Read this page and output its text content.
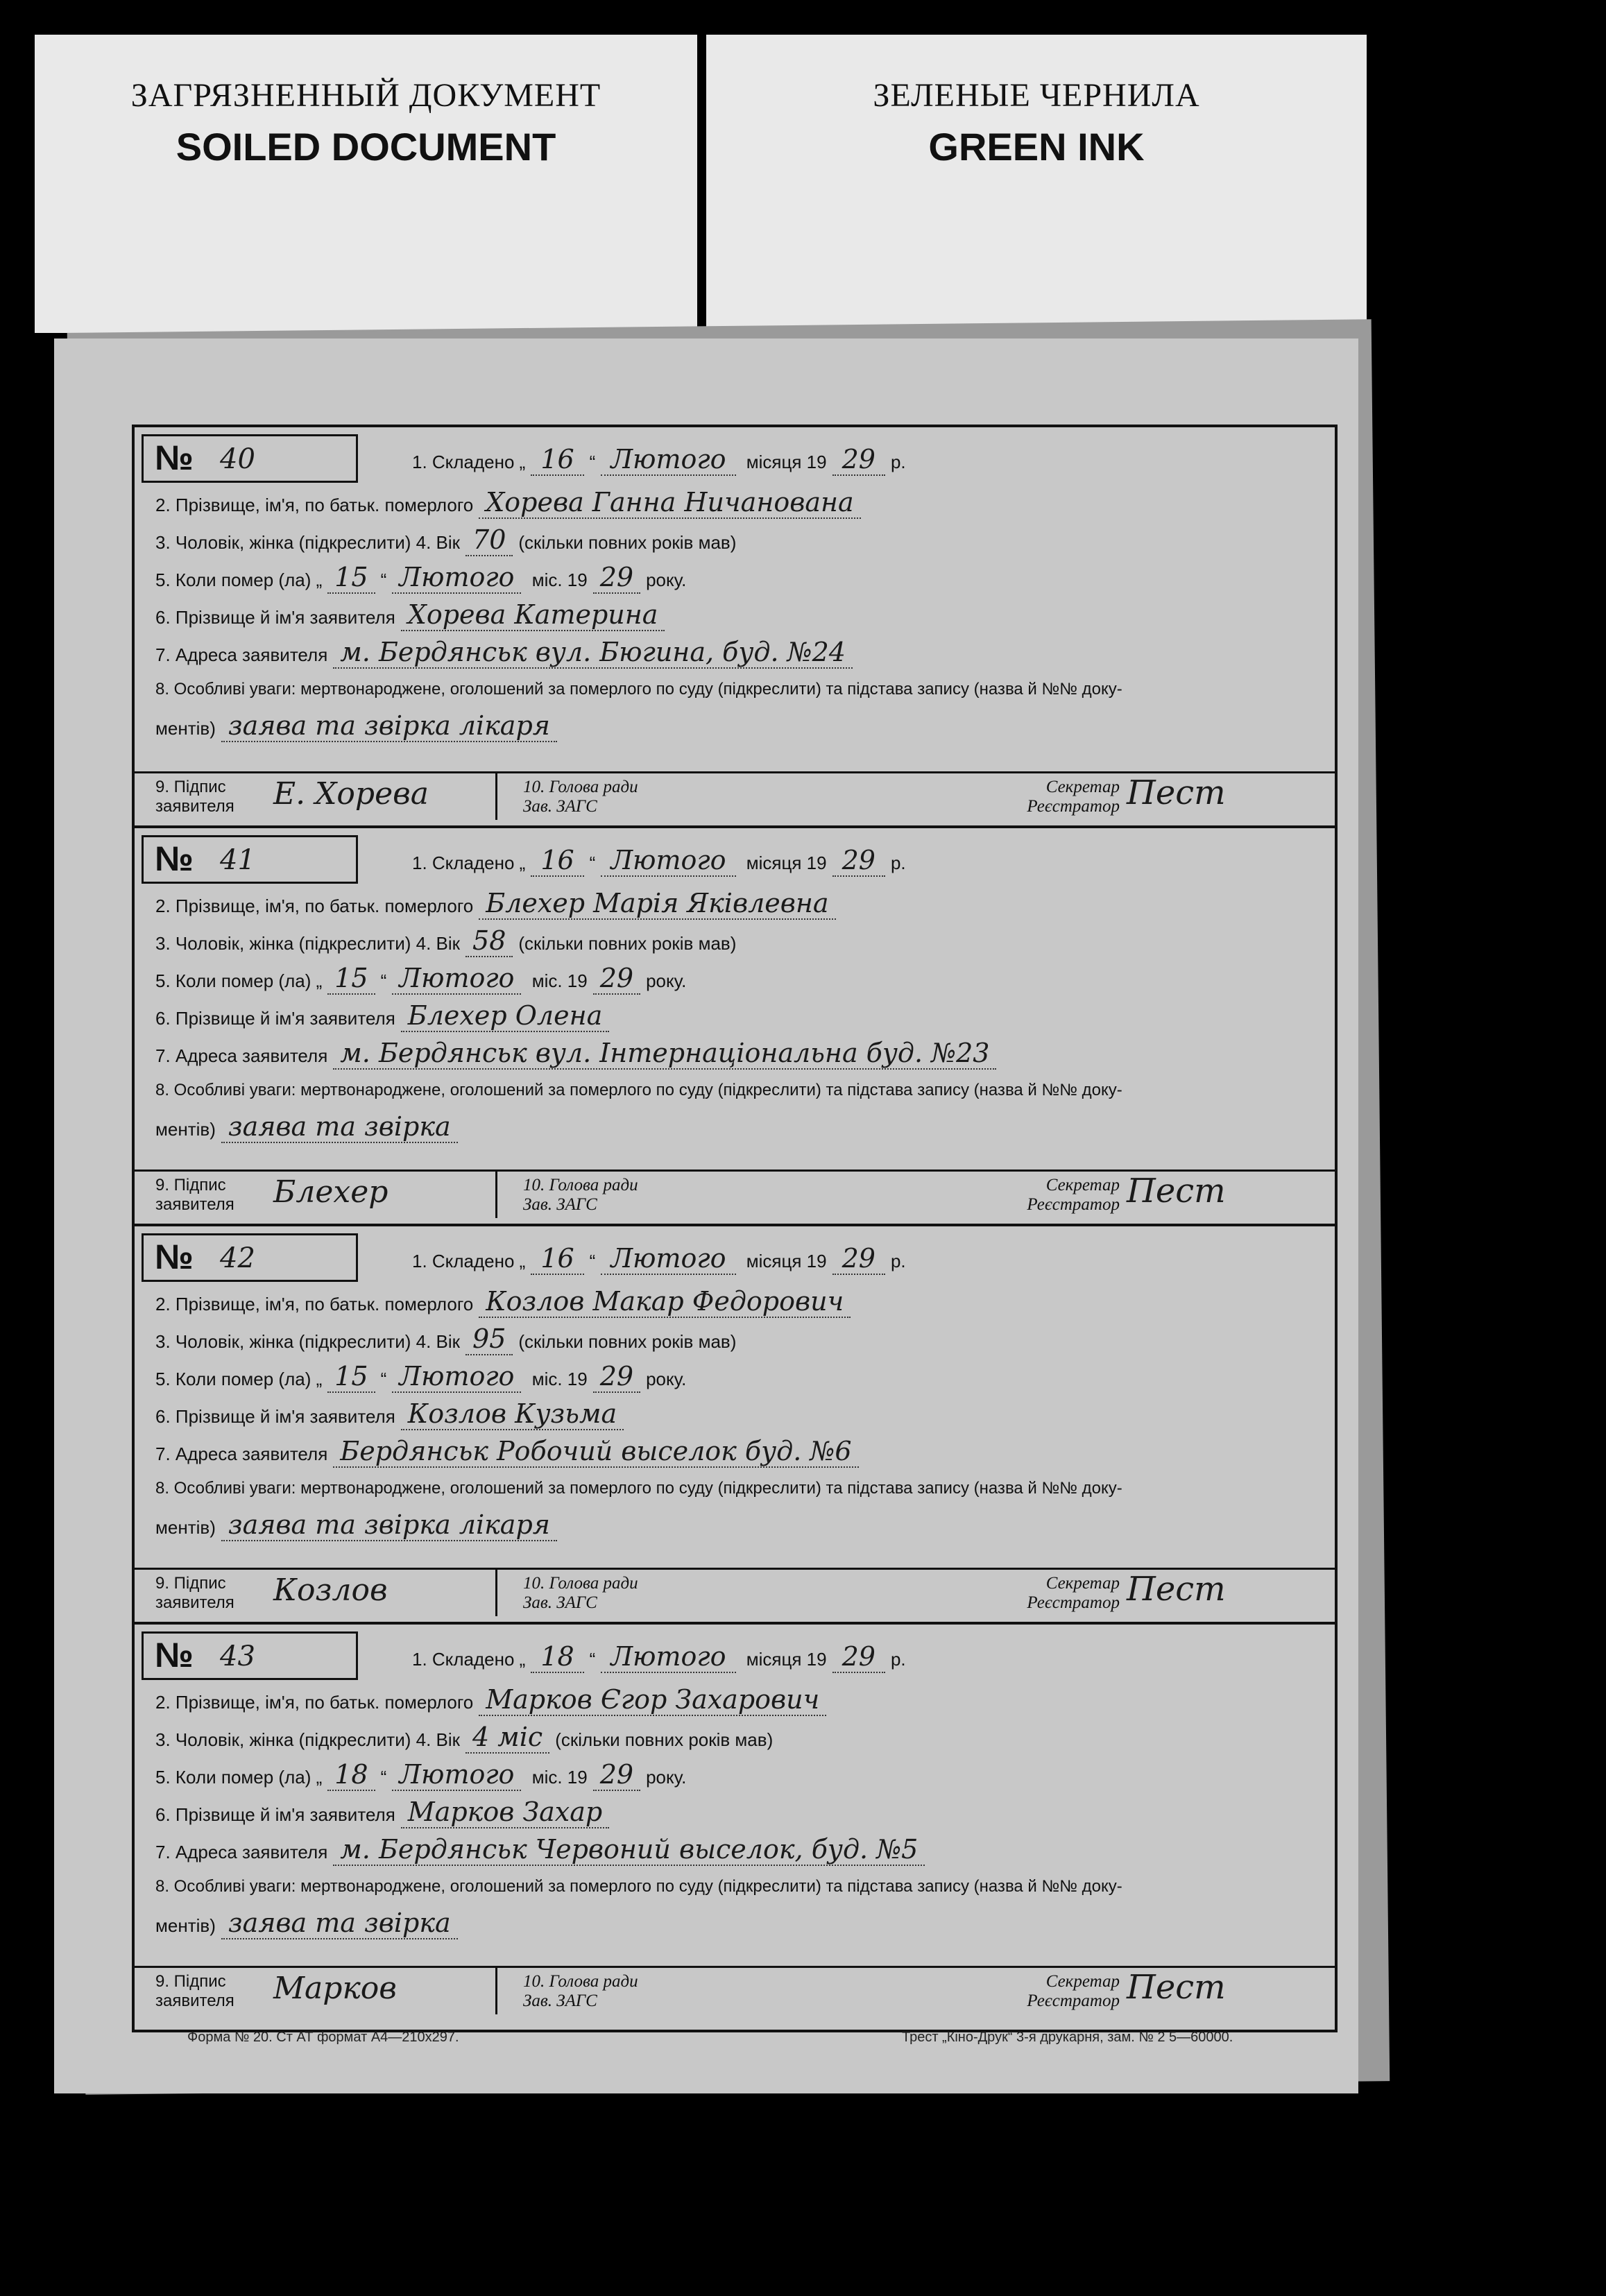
ЗАГРЯЗНЕННЫЙ ДОКУМЕНТ
SOILED DOCUMENT
ЗЕЛЕНЫЕ ЧЕРНИЛА
GREEN INK
№ 40	1. Складено „ 16 “ Лютого місяця 19 29 р.
2. Прізвище, ім'я, по батьк. померлого Хорева Ганна Ничанована
3. Чоловік, жінка (підкреслити) 4. Вік 70 (скільки повних років мав)
5. Коли помер (ла) „ 15 “ Лютого міс. 19 29 року.
6. Прізвище й ім'я заявителя Хорева Катерина
7. Адреса заявителя м. Бердянськ вул. Бюгина, буд. №24
8. Особливі уваги: мертвонароджене, оголошений за померлого по суду (підкреслити) та підстава запису (назва й №№ доку-
ментів) заява та звірка лікаря
9. Підпис
заявителя Е. Хорева	10. Голова ради
Зав. ЗАГС
Секретар
Реєстратор Пест
№ 41	1. Складено „ 16 “ Лютого місяця 19 29 р.
2. Прізвище, ім'я, по батьк. померлого Блехер Марія Яківлевна
3. Чоловік, жінка (підкреслити) 4. Вік 58 (скільки повних років мав)
5. Коли помер (ла) „ 15 “ Лютого міс. 19 29 року.
6. Прізвище й ім'я заявителя Блехер Олена
7. Адреса заявителя м. Бердянськ вул. Інтернаціональна буд. №23
8. Особливі уваги: мертвонароджене, оголошений за померлого по суду (підкреслити) та підстава запису (назва й №№ доку-
ментів) заява та звірка
9. Підпис
заявителя Блехер	10. Голова ради
Зав. ЗАГС
Секретар
Реєстратор Пест
№ 42	1. Складено „ 16 “ Лютого місяця 19 29 р.
2. Прізвище, ім'я, по батьк. померлого Козлов Макар Федорович
3. Чоловік, жінка (підкреслити) 4. Вік 95 (скільки повних років мав)
5. Коли помер (ла) „ 15 “ Лютого міс. 19 29 року.
6. Прізвище й ім'я заявителя Козлов Кузьма
7. Адреса заявителя Бердянськ Робочий выселок буд. №6
8. Особливі уваги: мертвонароджене, оголошений за померлого по суду (підкреслити) та підстава запису (назва й №№ доку-
ментів) заява та звірка лікаря
9. Підпис
заявителя Козлов	10. Голова ради
Зав. ЗАГС
Секретар
Реєстратор Пест
№ 43	1. Складено „ 18 “ Лютого місяця 19 29 р.
2. Прізвище, ім'я, по батьк. померлого Марков Єгор Захарович
3. Чоловік, жінка (підкреслити) 4. Вік 4 міс (скільки повних років мав)
5. Коли помер (ла) „ 18 “ Лютого міс. 19 29 року.
6. Прізвище й ім'я заявителя Марков Захар
7. Адреса заявителя м. Бердянськ Червоний выселок, буд. №5
8. Особливі уваги: мертвонароджене, оголошений за померлого по суду (підкреслити) та підстава запису (назва й №№ доку-
ментів) заява та звірка
9. Підпис
заявителя Марков	10. Голова ради
Зав. ЗАГС
Секретар
Реєстратор Пест
Форма № 20. Ст АТ формат А4—210х297.	Трест „Кіно-Друк“ 3-я друкарня, зам. № 2 5—60000.
